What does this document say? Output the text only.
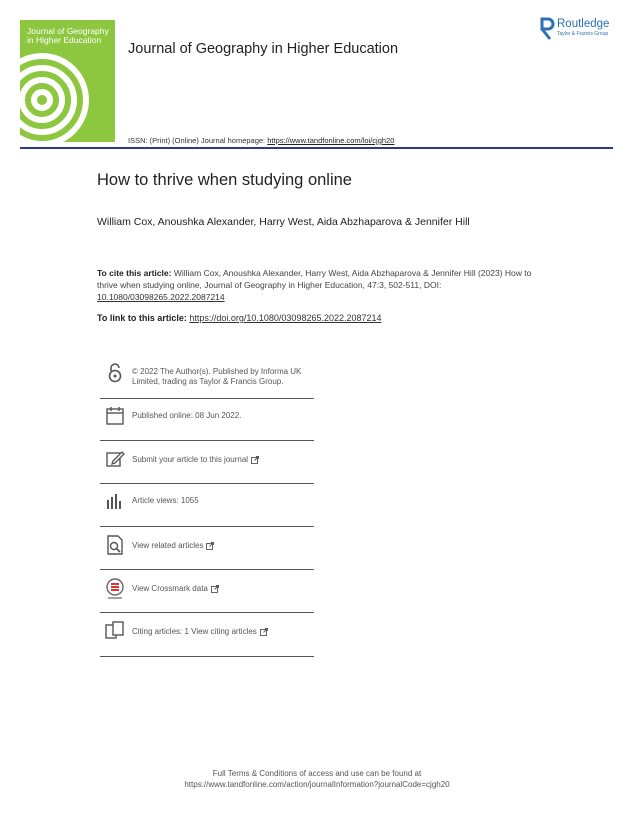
Journal of Geography in Higher Education
Routledge
Taylor & Francis Group
Journal of Geography in Higher Education
ISSN: (Print) (Online) Journal homepage: https://www.tandfonline.com/loi/cjgh20
How to thrive when studying online
William Cox, Anoushka Alexander, Harry West, Aida Abzhaparova & Jennifer Hill
To cite this article: William Cox, Anoushka Alexander, Harry West, Aida Abzhaparova & Jennifer Hill (2023) How to thrive when studying online, Journal of Geography in Higher Education, 47:3, 502-511, DOI: 10.1080/03098265.2022.2087214
To link to this article: https://doi.org/10.1080/03098265.2022.2087214
© 2022 The Author(s). Published by Informa UK Limited, trading as Taylor & Francis Group.
Published online: 08 Jun 2022.
Submit your article to this journal
Article views: 1055
View related articles
View Crossmark data
Citing articles: 1 View citing articles
Full Terms & Conditions of access and use can be found at
https://www.tandfonline.com/action/journalInformation?journalCode=cjgh20
